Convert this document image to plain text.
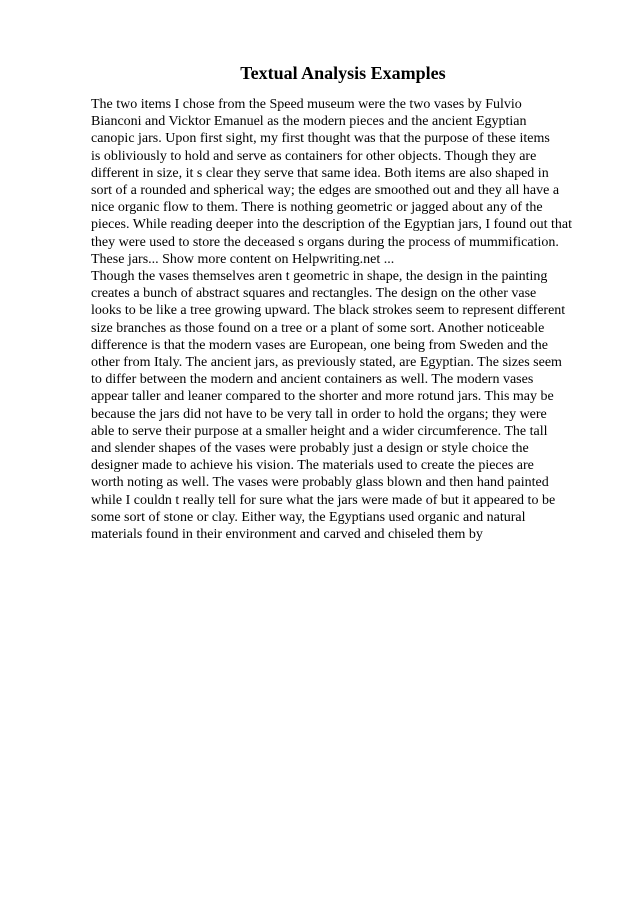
Textual Analysis Examples

The two items I chose from the Speed museum were the two vases by Fulvio
Bianconi and Vicktor Emanuel as the modern pieces and the ancient Egyptian
canopic jars. Upon first sight, my first thought was that the purpose of these items
is obliviously to hold and serve as containers for other objects. Though they are
different in size, it s clear they serve that same idea. Both items are also shaped in
sort of a rounded and spherical way; the edges are smoothed out and they all have a
nice organic flow to them. There is nothing geometric or jagged about any of the
pieces. While reading deeper into the description of the Egyptian jars, I found out that
they were used to store the deceased s organs during the process of mummification.
These jars... Show more content on Helpwriting.net ...

Though the vases themselves aren t geometric in shape, the design in the painting
creates a bunch of abstract squares and rectangles. The design on the other vase
looks to be like a tree growing upward. The black strokes seem to represent different
size branches as those found on a tree or a plant of some sort. Another noticeable
difference is that the modern vases are European, one being from Sweden and the
other from Italy. The ancient jars, as previously stated, are Egyptian. The sizes seem
to differ between the modern and ancient containers as well. The modern vases
appear taller and leaner compared to the shorter and more rotund jars. This may be
because the jars did not have to be very tall in order to hold the organs; they were
able to serve their purpose at a smaller height and a wider circumference. The tall
and slender shapes of the vases were probably just a design or style choice the
designer made to achieve his vision. The materials used to create the pieces are
worth noting as well. The vases were probably glass blown and then hand painted
while I couldn t really tell for sure what the jars were made of but it appeared to be
some sort of stone or clay. Either way, the Egyptians used organic and natural
materials found in their environment and carved and chiseled them by
